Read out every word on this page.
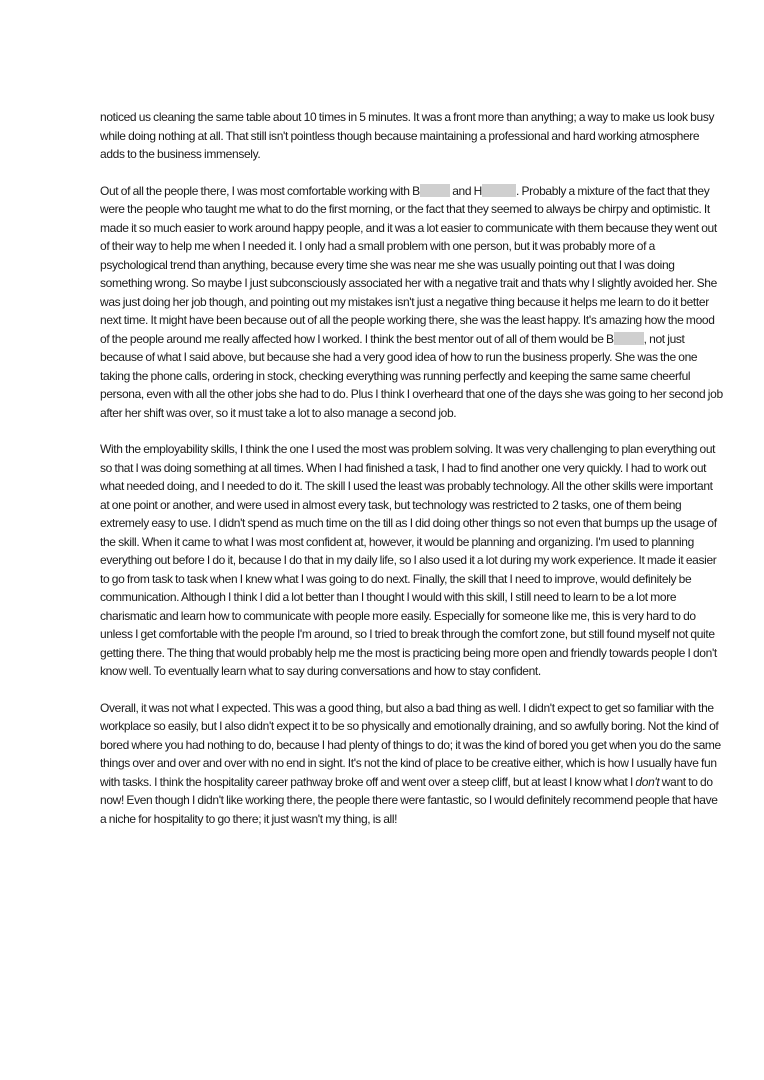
noticed us cleaning the same table about 10 times in 5 minutes. It was a front more than anything; a way to make us look busy while doing nothing at all. That still isn't pointless though because maintaining a professional and hard working atmosphere adds to the business immensely.

Out of all the people there, I was most comfortable working with B	and H	. Probably a mixture of the fact that they were the people who taught me what to do the first morning, or the fact that they seemed to always be chirpy and optimistic. It made it so much easier to work around happy people, and it was a lot easier to communicate with them because they went out of their way to help me when I needed it. I only had a small problem with one person, but it was probably more of a psychological trend than anything, because every time she was near me she was usually pointing out that I was doing something wrong. So maybe I just subconsciously associated her with a negative trait and thats why I slightly avoided her. She was just doing her job though, and pointing out my mistakes isn't just a negative thing because it helps me learn to do it better next time. It might have been because out of all the people working there, she was the least happy. It's amazing how the mood of the people around me really affected how I worked. I think the best mentor out of all of them would be B	, not just because of what I said above, but because she had a very good idea of how to run the business properly. She was the one taking the phone calls, ordering in stock, checking everything was running perfectly and keeping the same same cheerful persona, even with all the other jobs she had to do. Plus I think I overheard that one of the days she was going to her second job after her shift was over, so it must take a lot to also manage a second job.

With the employability skills, I think the one I used the most was problem solving. It was very challenging to plan everything out so that I was doing something at all times. When I had finished a task, I had to find another one very quickly. I had to work out what needed doing, and I needed to do it. The skill I used the least was probably technology. All the other skills were important at one point or another, and were used in almost every task, but technology was restricted to 2 tasks, one of them being extremely easy to use. I didn't spend as much time on the till as I did doing other things so not even that bumps up the usage of the skill. When it came to what I was most confident at, however, it would be planning and organizing. I'm used to planning everything out before I do it, because I do that in my daily life, so I also used it a lot during my work experience. It made it easier to go from task to task when I knew what I was going to do next. Finally, the skill that I need to improve, would definitely be communication. Although I think I did a lot better than I thought I would with this skill, I still need to learn to be a lot more charismatic and learn how to communicate with people more easily. Especially for someone like me, this is very hard to do unless I get comfortable with the people I'm around, so I tried to break through the comfort zone, but still found myself not quite getting there. The thing that would probably help me the most is practicing being more open and friendly towards people I don't know well. To eventually learn what to say during conversations and how to stay confident.

Overall, it was not what I expected. This was a good thing, but also a bad thing as well. I didn't expect to get so familiar with the workplace so easily, but I also didn't expect it to be so physically and emotionally draining, and so awfully boring. Not the kind of bored where you had nothing to do, because I had plenty of things to do; it was the kind of bored you get when you do the same things over and over and over with no end in sight. It's not the kind of place to be creative either, which is how I usually have fun with tasks. I think the hospitality career pathway broke off and went over a steep cliff, but at least I know what I don't want to do now! Even though I didn't like working there, the people there were fantastic, so I would definitely recommend people that have a niche for hospitality to go there; it just wasn't my thing, is all!
